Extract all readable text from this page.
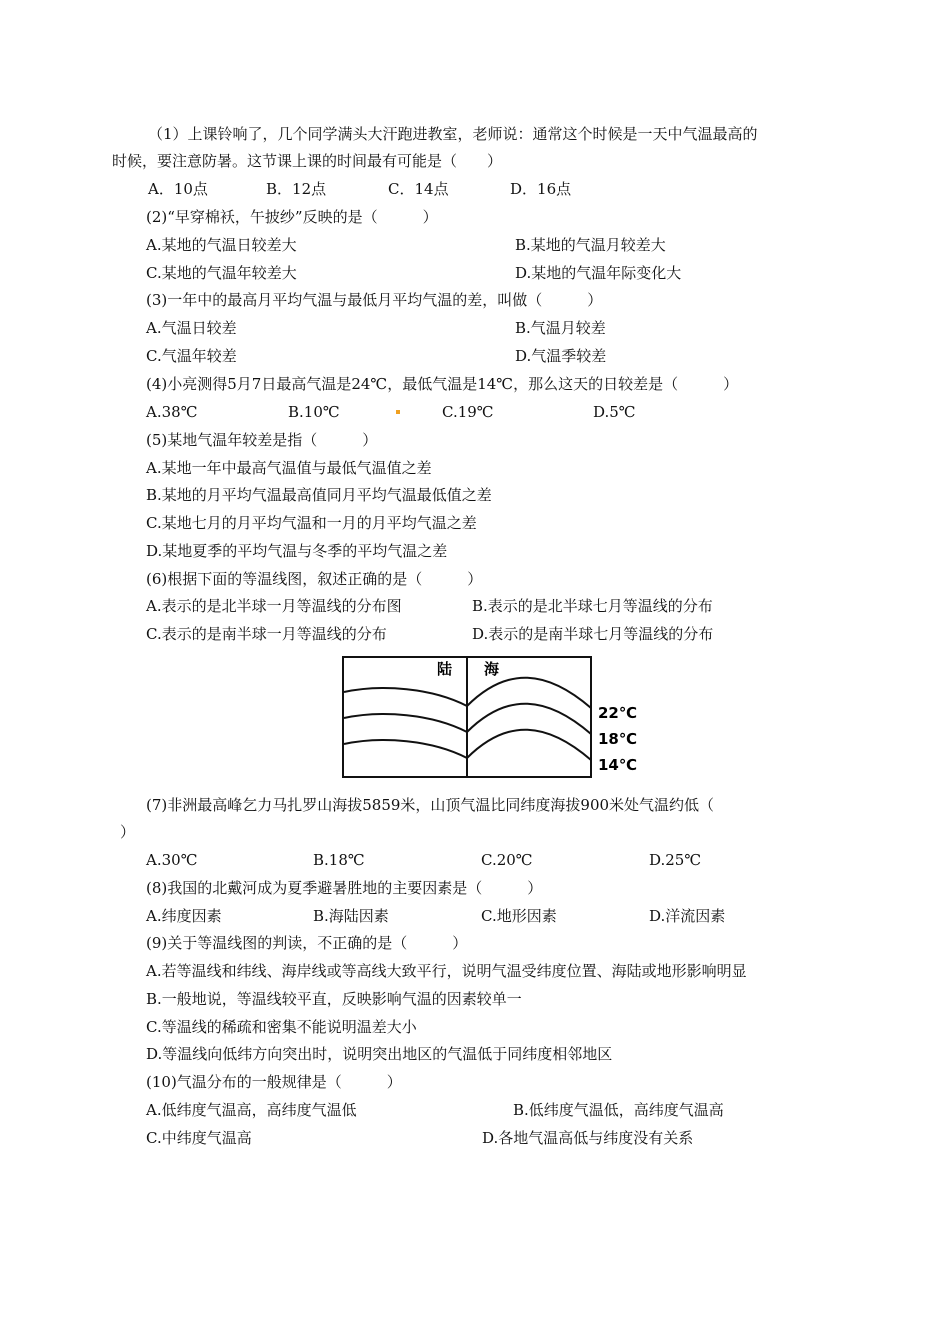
（1）上课铃响了，几个同学满头大汗跑进教室，老师说：通常这个时候是一天中气温最高的
时候，要注意防暑。这节课上课的时间最有可能是（　　）
A．10点	B．12点	C．14点	D．16点
(2)“早穿棉袄，午披纱”反映的是（　　　）
A.某地的气温日较差大	B.某地的气温月较差大
C.某地的气温年较差大	D.某地的气温年际变化大
(3)一年中的最高月平均气温与最低月平均气温的差，叫做（　　　）
A.气温日较差	B.气温月较差
C.气温年较差	D.气温季较差
(4)小亮测得5月7日最高气温是24℃，最低气温是14℃，那么这天的日较差是（　　　）
A.38℃	B.10℃	C.19℃	D.5℃
(5)某地气温年较差是指（　　　）
A.某地一年中最高气温值与最低气温值之差
B.某地的月平均气温最高值同月平均气温最低值之差
C.某地七月的月平均气温和一月的月平均气温之差
D.某地夏季的平均气温与冬季的平均气温之差
(6)根据下面的等温线图，叙述正确的是（　　　）
A.表示的是北半球一月等温线的分布图	B.表示的是北半球七月等温线的分布
C.表示的是南半球一月等温线的分布	D.表示的是南半球七月等温线的分布
陆 海
22℃
18℃
14℃
(7)非洲最高峰乞力马扎罗山海拔5859米，山顶气温比同纬度海拔900米处气温约低（
）
A.30℃	B.18℃	C.20℃	D.25℃
(8)我国的北戴河成为夏季避暑胜地的主要因素是（　　　）
A.纬度因素	B.海陆因素	C.地形因素	D.洋流因素
(9)关于等温线图的判读，不正确的是（　　　）
A.若等温线和纬线、海岸线或等高线大致平行，说明气温受纬度位置、海陆或地形影响明显
B.一般地说，等温线较平直，反映影响气温的因素较单一
C.等温线的稀疏和密集不能说明温差大小
D.等温线向低纬方向突出时，说明突出地区的气温低于同纬度相邻地区
(10)气温分布的一般规律是（　　　）
A.低纬度气温高，高纬度气温低	B.低纬度气温低，高纬度气温高
C.中纬度气温高	D.各地气温高低与纬度没有关系
